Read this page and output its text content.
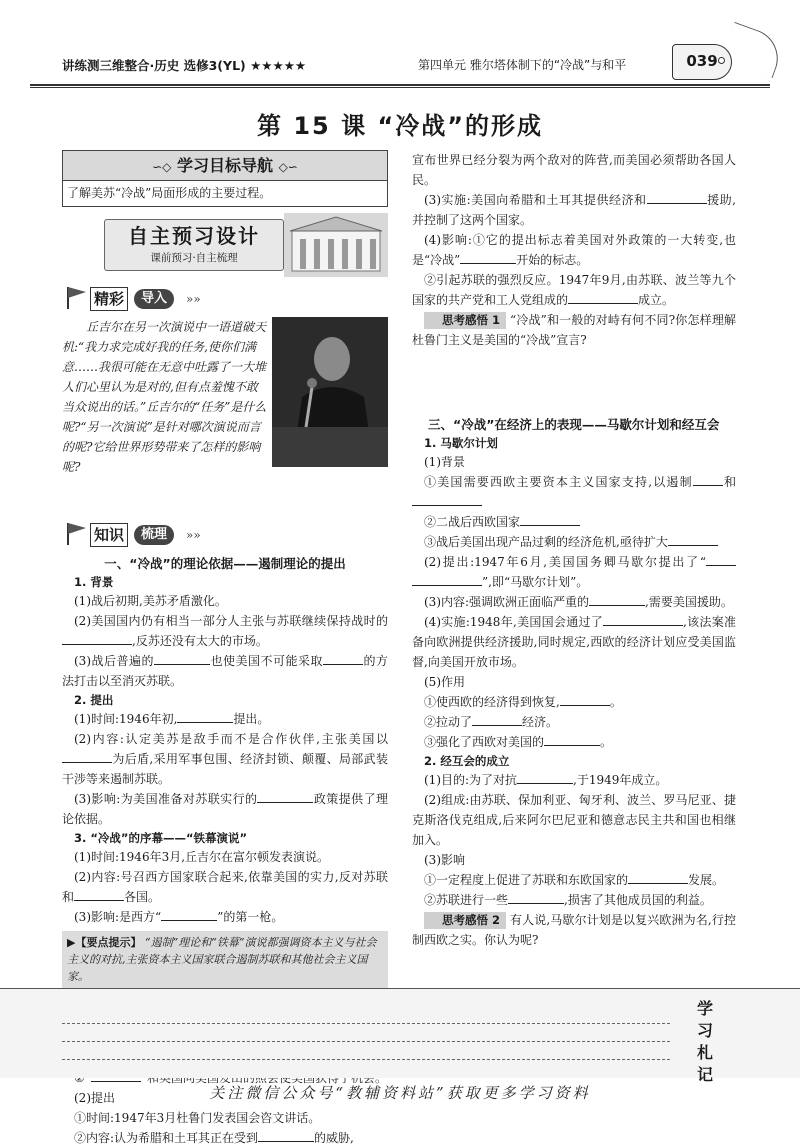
讲练测三维整合·历史 选修3(YL) ★★★★★	第四单元 雅尔塔体制下的“冷战”与和平	039
第 15 课 “冷战”的形成
∽◇ 学习目标导航 ◇∽
了解美苏“冷战”局面形成的主要过程。
自主预习设计
课前预习·自主梳理
精彩	导入	»»
丘吉尔在另一次演说中一语道破天机:“我力求完成好我的任务,使你们满意……我很可能在无意中吐露了一大堆人们心里认为是对的,但有点羞愧不敢当众说出的话。”丘吉尔的“任务”是什么呢?“另一次演说”是针对哪次演说而言的呢?它给世界形势带来了怎样的影响呢?
知识	梳理	»»
一、“冷战”的理论依据——遏制理论的提出
1. 背景

(1)战后初期,美苏矛盾激化。

(2)美国国内仍有相当一部分人主张与苏联继续保持战时的,反苏还没有太大的市场。

(3)战后普遍的	也使美国不可能采取	的方法打击以至消灭苏联。

2. 提出

(1)时间:1946年初,	提出。

(2)内容:认定美苏是敌手而不是合作伙伴,主张美国以为后盾,采用军事包围、经济封锁、颠覆、局部武装干涉等来遏制苏联。

(3)影响:为美国准备对苏联实行的	政策提供了理论依据。

3. “冷战”的序幕——“铁幕演说”

(1)时间:1946年3月,丘吉尔在富尔顿发表演说。

(2)内容:号召西方国家联合起来,依靠美国的实力,反对苏联和	各国。

(3)影响:是西方“	”的第一枪。

▶【要点提示】 “遏制”理论和“铁幕”演说都强调资本主义与社会主义的对抗,主张资本主义国家联合遏制苏联和其他社会主义国家。

(2)提出

①时间:1947年3月杜鲁门发表国会咨文讲话。

②内容:认为希腊和土耳其正在受到	的威胁,

宣布世界已经分裂为两个敌对的阵营,而美国必须帮助各国人民。

(3)实施:美国向希腊和土耳其提供经济和	援助,并控制了这两个国家。

(4)影响:①它的提出标志着美国对外政策的一大转变,也是“冷战”	开始的标志。

②引起苏联的强烈反应。1947年9月,由苏联、波兰等九个国家的共产党和工人党组成的	成立。

思考感悟 1 “冷战”和一般的对峙有何不同?你怎样理解杜鲁门主义是美国的“冷战”宣言?

三、“冷战”在经济上的表现——马歇尔计划和经互会
1. 马歇尔计划

(1)背景

①美国需要西欧主要资本主义国家支持,以遏制	和

②二战后西欧国家

③战后美国出现产品过剩的经济危机,亟待扩大

(2)提出:1947年6月,美国国务卿马歇尔提出了“”,即“马歇尔计划”。

(3)内容:强调欧洲正面临严重的	,需要美国援助。

(4)实施:1948年,美国国会通过了	,该法案准备向欧洲提供经济援助,同时规定,西欧的经济计划应受美国监督,向美国开放市场。

(5)作用

①使西欧的经济得到恢复,	。

②拉动了	经济。

③强化了西欧对美国的	。

2. 经互会的成立

(1)目的:为了对抗	,于1949年成立。

(2)组成:由苏联、保加利亚、匈牙利、波兰、罗马尼亚、捷克斯洛伐克组成,后来阿尔巴尼亚和德意志民主共和国也相继加入。

(3)影响

①一定程度上促进了苏联和东欧国家的	发展。

②苏联进行一些	,损害了其他成员国的利益。

思考感悟 2 有人说,马歇尔计划是以复兴欧洲为名,行控制西欧之实。你认为呢?

学习札记
关注微信公众号“教辅资料站”获取更多学习资料
